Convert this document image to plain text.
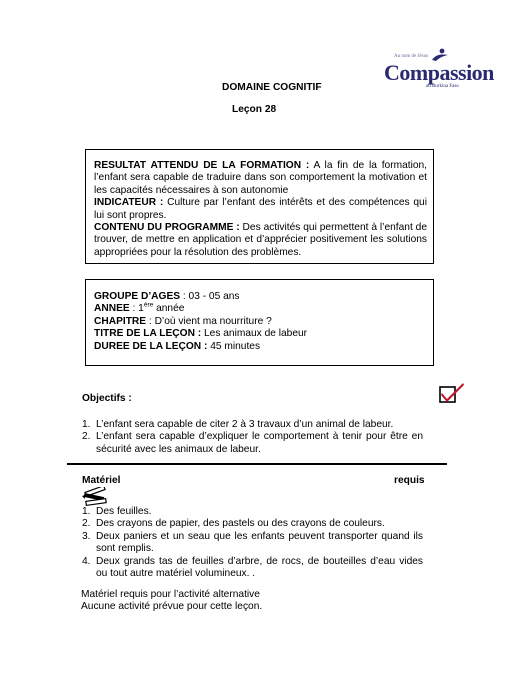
DOMAINE COGNITIF
Leçon 28
Au nom de Jésus
Compassion
au Burkina Faso

RESULTAT ATTENDU DE LA FORMATION : A la fin de la formation, l’enfant sera capable de traduire dans son comportement la motivation et les capacités nécessaires à son autonomie

INDICATEUR : Culture par l’enfant des intérêts et des compétences qui lui sont propres.

CONTENU DU PROGRAMME : Des activités qui permettent à l’enfant de trouver, de mettre en application et d’apprécier positivement les solutions appropriées pour la résolution des problèmes.

GROUPE D’AGES : 03 - 05 ans

ANNEE : 1ère année

CHAPITRE : D’où vient ma nourriture ?

TITRE DE LA LEÇON : Les animaux de labeur

DUREE DE LA LEÇON : 45 minutes

Objectifs :
1. L’enfant sera capable de citer 2 à 3 travaux d’un animal de labeur.
2. L’enfant sera capable d’expliquer le comportement à tenir pour être en sécurité avec les animaux de labeur.
Matériel	requis
1. Des feuilles.
2. Des crayons de papier, des pastels ou des crayons de couleurs.
3. Deux paniers et un seau que les enfants peuvent transporter quand ils sont remplis.
4. Deux grands tas de feuilles d’arbre, de rocs, de bouteilles d’eau vides ou tout autre matériel volumineux. .
Matériel requis pour l’activité alternative
Aucune activité prévue pour cette leçon.
